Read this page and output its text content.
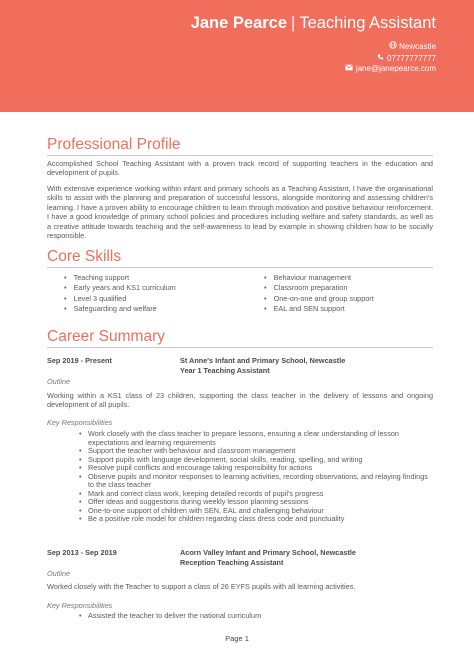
Jane Pearce | Teaching Assistant
Newcastle
07777777777
jane@janepearce.com
Professional Profile
Accomplished School Teaching Assistant with a proven track record of supporting teachers in the education and development of pupils.
With extensive experience working within infant and primary schools as a Teaching Assistant, I have the organisational skills to assist with the planning and preparation of successful lessons, alongside monitoring and assessing children's learning. I have a proven ability to encourage children to learn through motivation and positive behaviour reinforcement. I have a good knowledge of primary school policies and procedures including welfare and safety standards, as well as a creative attitude towards teaching and the self-awareness to lead by example in showing children how to be socially responsible.
Core Skills
• Teaching support
• Early years and KS1 curriculum
• Level 3 qualified
• Safeguarding and welfare
• Behaviour management
• Classroom preparation
• One-on-one and group support
• EAL and SEN support
Career Summary
Sep 2019 - Present	St Anne's Infant and Primary School, Newcastle
Year 1 Teaching Assistant
Outline
Working within a KS1 class of 23 children, supporting the class teacher in the delivery of lessons and ongoing development of all pupils.
Key Responsibilities
• Work closely with the class teacher to prepare lessons, ensuring a clear understanding of lesson expectations and learning requirements
• Support the teacher with behaviour and classroom management
• Support pupils with language development, social skills, reading, spelling, and writing
• Resolve pupil conflicts and encourage taking responsibility for actions
• Observe pupils and monitor responses to learning activities, recording observations, and relaying findings to the class teacher
• Mark and correct class work, keeping detailed records of pupil's progress
• Offer ideas and suggestions during weekly lesson planning sessions
• One-to-one support of children with SEN, EAL and challenging behaviour
• Be a positive role model for children regarding class dress code and punctuality
Sep 2013 - Sep 2019	Acorn Valley Infant and Primary School, Newcastle
Reception Teaching Assistant
Outline
Worked closely with the Teacher to support a class of 26 EYFS pupils with all learning activities.
Key Responsibilities
• Assisted the teacher to deliver the national curriculum
Page 1
